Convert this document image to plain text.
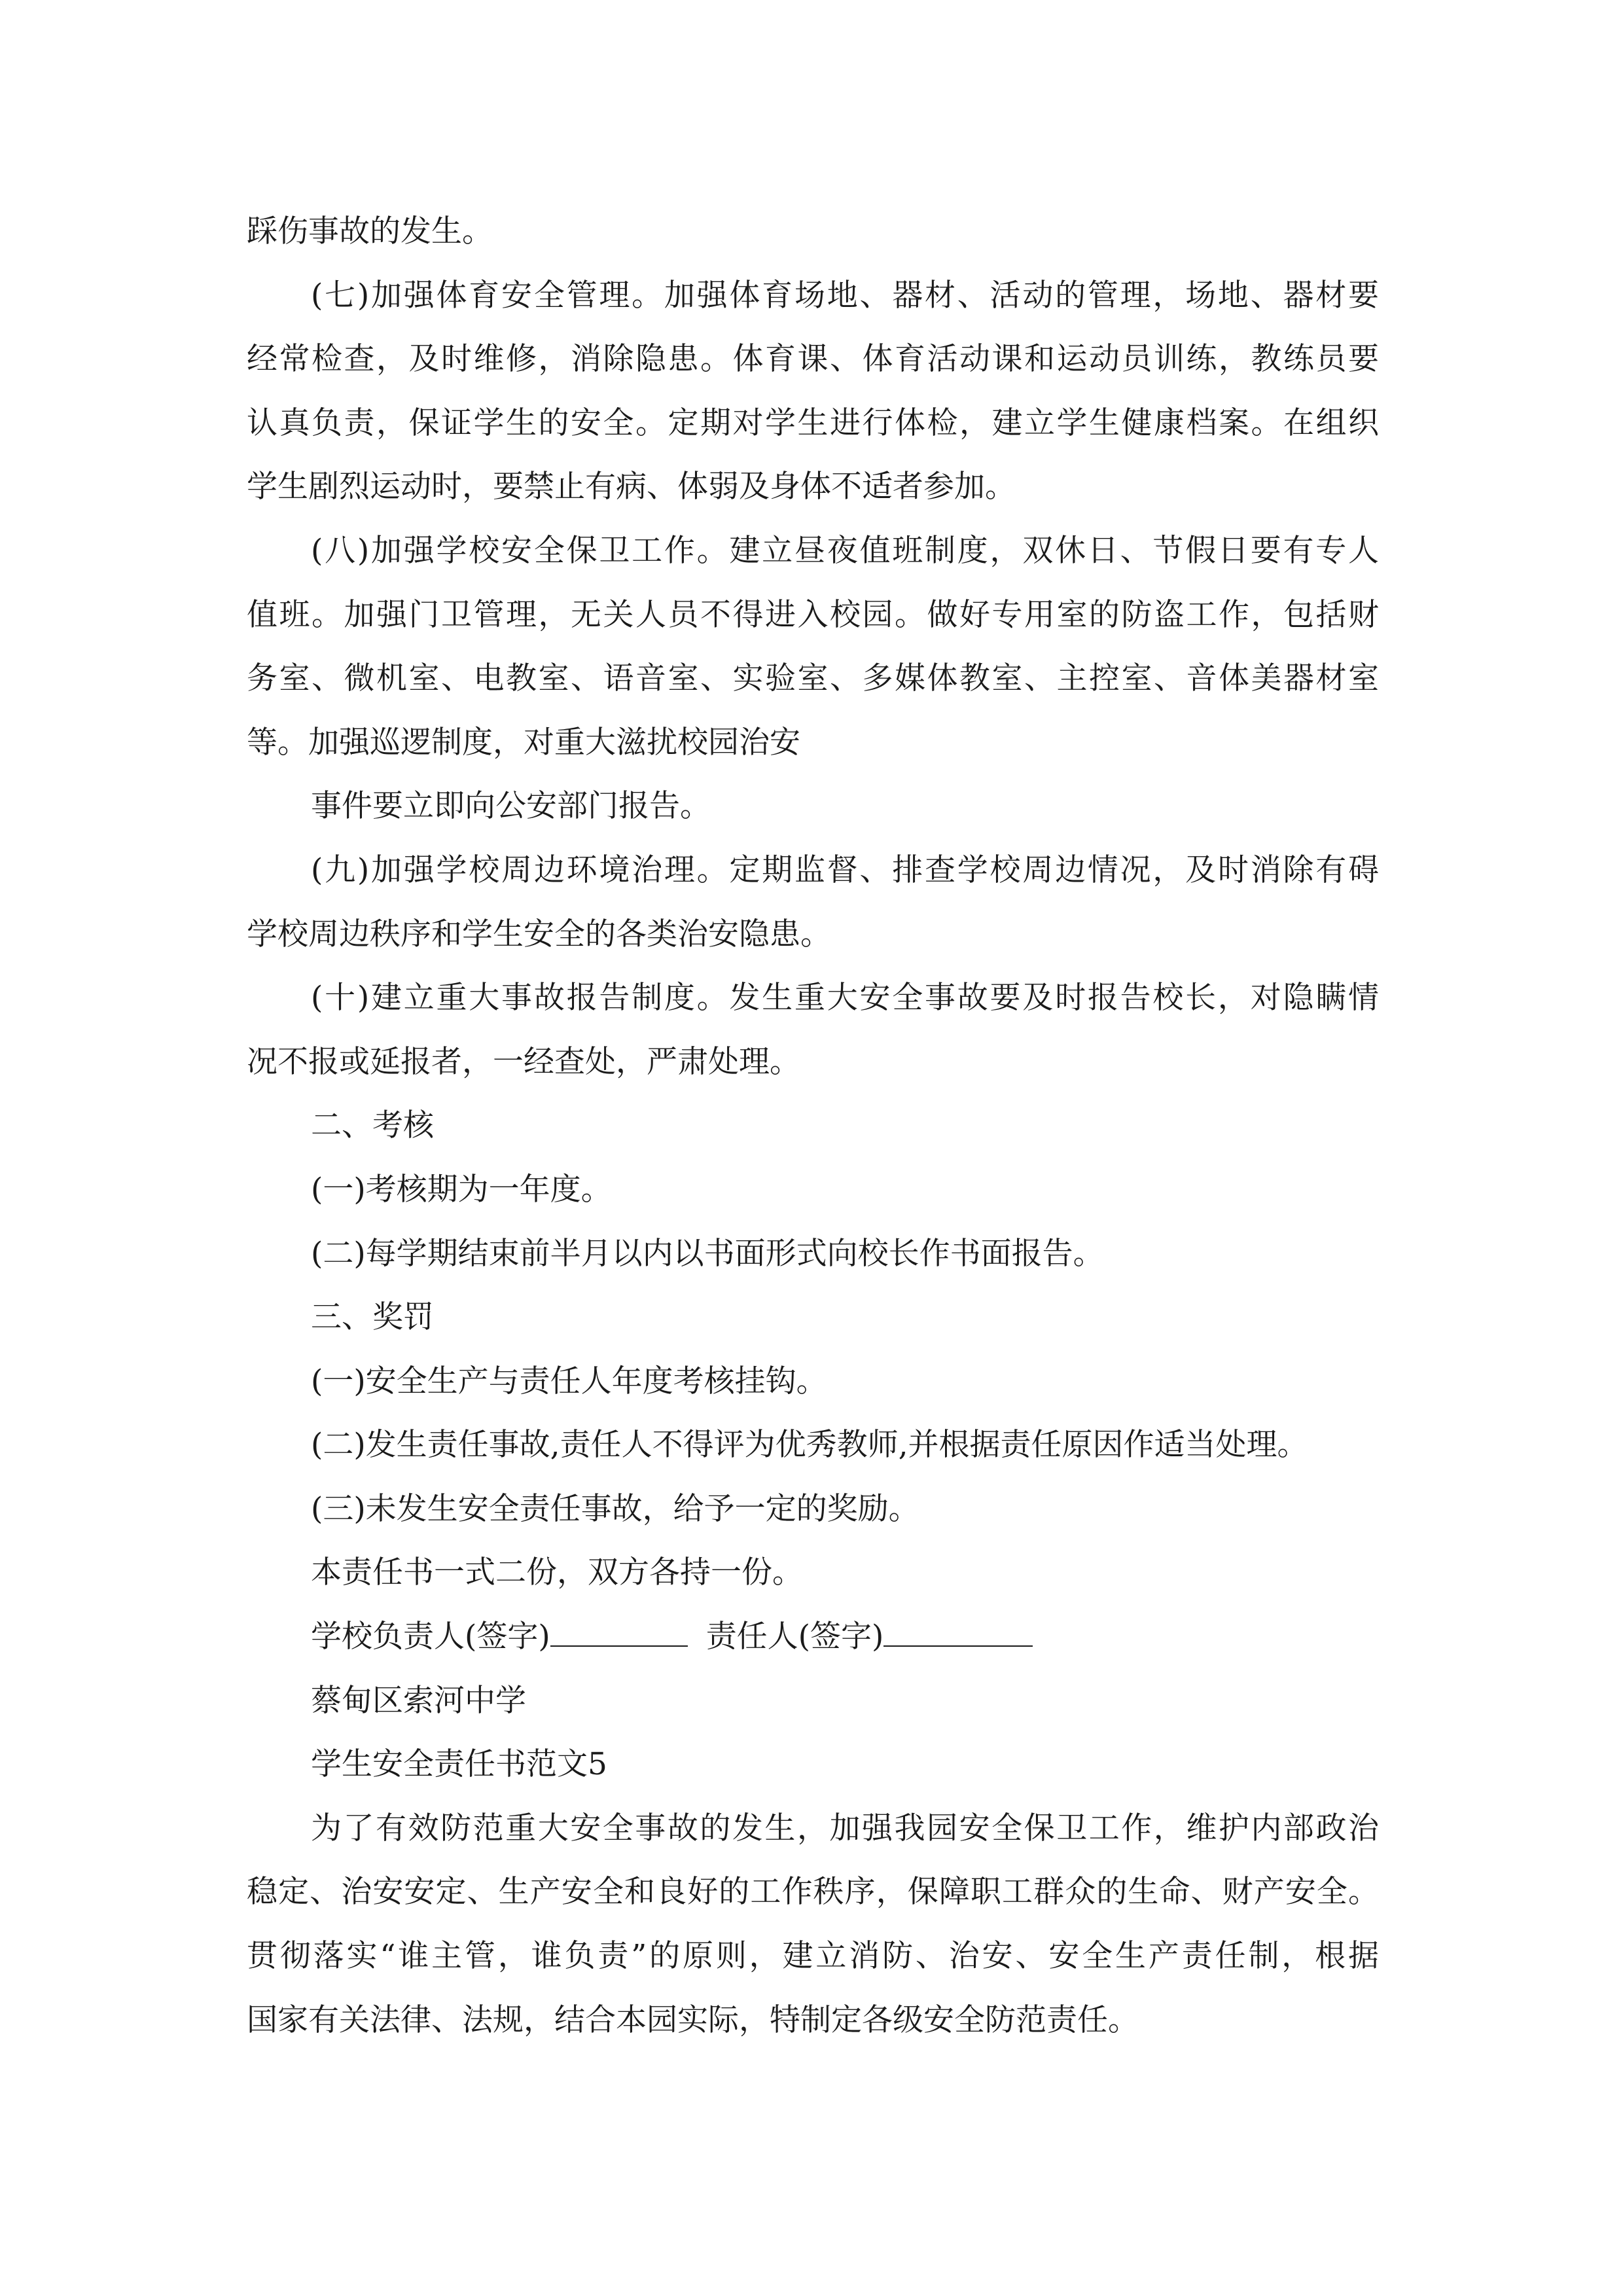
踩伤事故的发生。
(七)加强体育安全管理。加强体育场地、器材、活动的管理，场地、器材要
经常检查，及时维修，消除隐患。体育课、体育活动课和运动员训练，教练员要
认真负责，保证学生的安全。定期对学生进行体检，建立学生健康档案。在组织
学生剧烈运动时，要禁止有病、体弱及身体不适者参加。
(八)加强学校安全保卫工作。建立昼夜值班制度，双休日、节假日要有专人
值班。加强门卫管理，无关人员不得进入校园。做好专用室的防盗工作，包括财
务室、微机室、电教室、语音室、实验室、多媒体教室、主控室、音体美器材室
等。加强巡逻制度，对重大滋扰校园治安
事件要立即向公安部门报告。
(九)加强学校周边环境治理。定期监督、排查学校周边情况，及时消除有碍
学校周边秩序和学生安全的各类治安隐患。
(十)建立重大事故报告制度。发生重大安全事故要及时报告校长，对隐瞒情
况不报或延报者，一经查处，严肃处理。
二、考核
(一)考核期为一年度。
(二)每学期结束前半月以内以书面形式向校长作书面报告。
三、奖罚
(一)安全生产与责任人年度考核挂钩。
(二)发生责任事故,责任人不得评为优秀教师,并根据责任原因作适当处理。
(三)未发生安全责任事故，给予一定的奖励。
本责任书一式二份，双方各持一份。
学校负责人(签字)	责任人(签字)
蔡甸区索河中学
学生安全责任书范文5
为了有效防范重大安全事故的发生，加强我园安全保卫工作，维护内部政治
稳定、治安安定、生产安全和良好的工作秩序，保障职工群众的生命、财产安全。
贯彻落实“谁主管，谁负责”的原则，建立消防、治安、安全生产责任制，根据
国家有关法律、法规，结合本园实际，特制定各级安全防范责任。
